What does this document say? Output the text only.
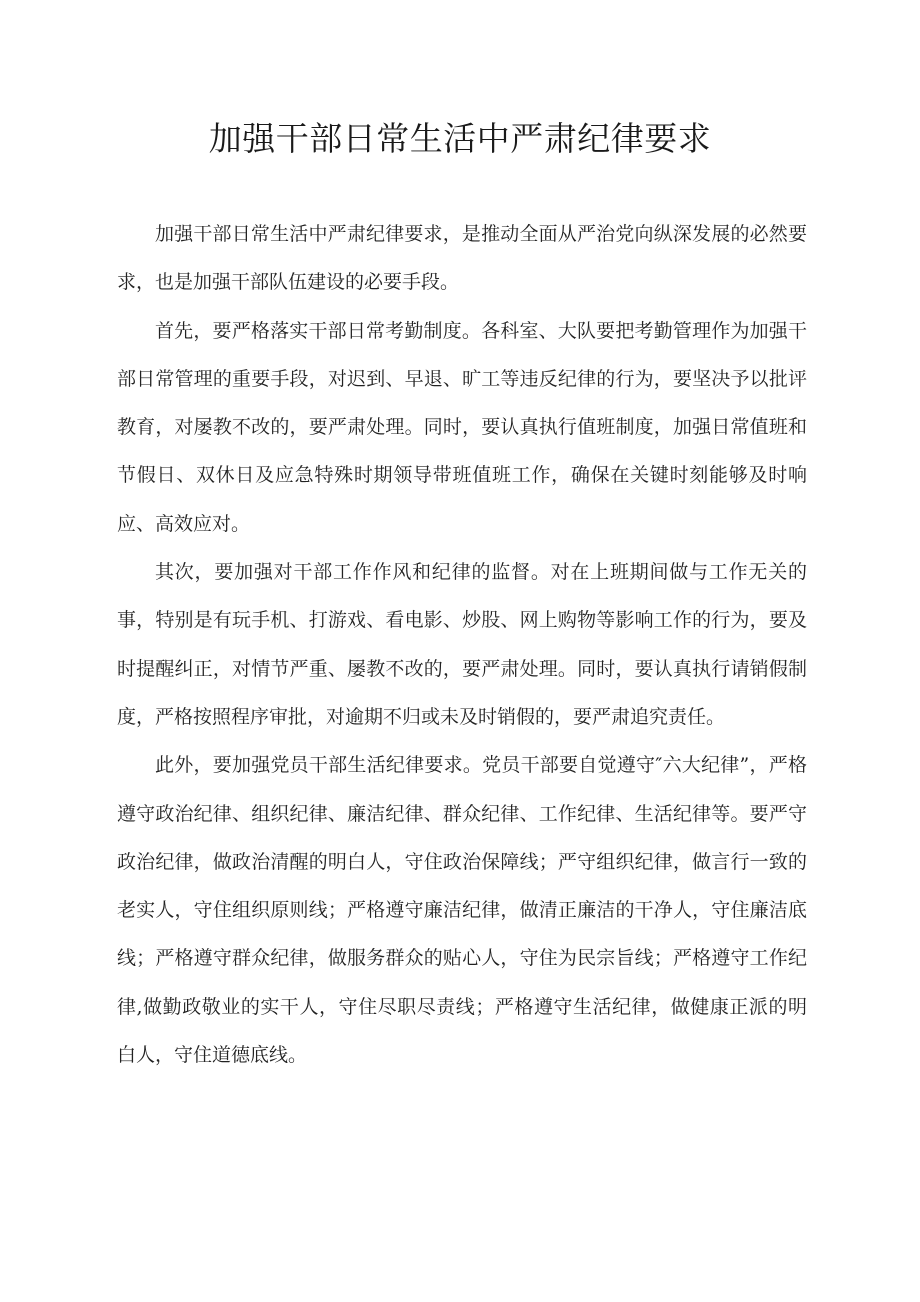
加强干部日常生活中严肃纪律要求

加强干部日常生活中严肃纪律要求，是推动全面从严治党向纵深发展的必然要求，也是加强干部队伍建设的必要手段。

首先，要严格落实干部日常考勤制度。各科室、大队要把考勤管理作为加强干部日常管理的重要手段，对迟到、早退、旷工等违反纪律的行为，要坚决予以批评教育，对屡教不改的，要严肃处理。同时，要认真执行值班制度，加强日常值班和节假日、双休日及应急特殊时期领导带班值班工作，确保在关键时刻能够及时响应、高效应对。

其次，要加强对干部工作作风和纪律的监督。对在上班期间做与工作无关的事，特别是有玩手机、打游戏、看电影、炒股、网上购物等影响工作的行为，要及时提醒纠正，对情节严重、屡教不改的，要严肃处理。同时，要认真执行请销假制度，严格按照程序审批，对逾期不归或未及时销假的，要严肃追究责任。

此外，要加强党员干部生活纪律要求。党员干部要自觉遵守″六大纪律”，严格遵守政治纪律、组织纪律、廉洁纪律、群众纪律、工作纪律、生活纪律等。要严守政治纪律，做政治清醒的明白人，守住政治保障线；严守组织纪律，做言行一致的老实人，守住组织原则线；严格遵守廉洁纪律，做清正廉洁的干净人，守住廉洁底线；严格遵守群众纪律，做服务群众的贴心人，守住为民宗旨线；严格遵守工作纪律,做勤政敬业的实干人，守住尽职尽责线；严格遵守生活纪律，做健康正派的明白人，守住道德底线。
